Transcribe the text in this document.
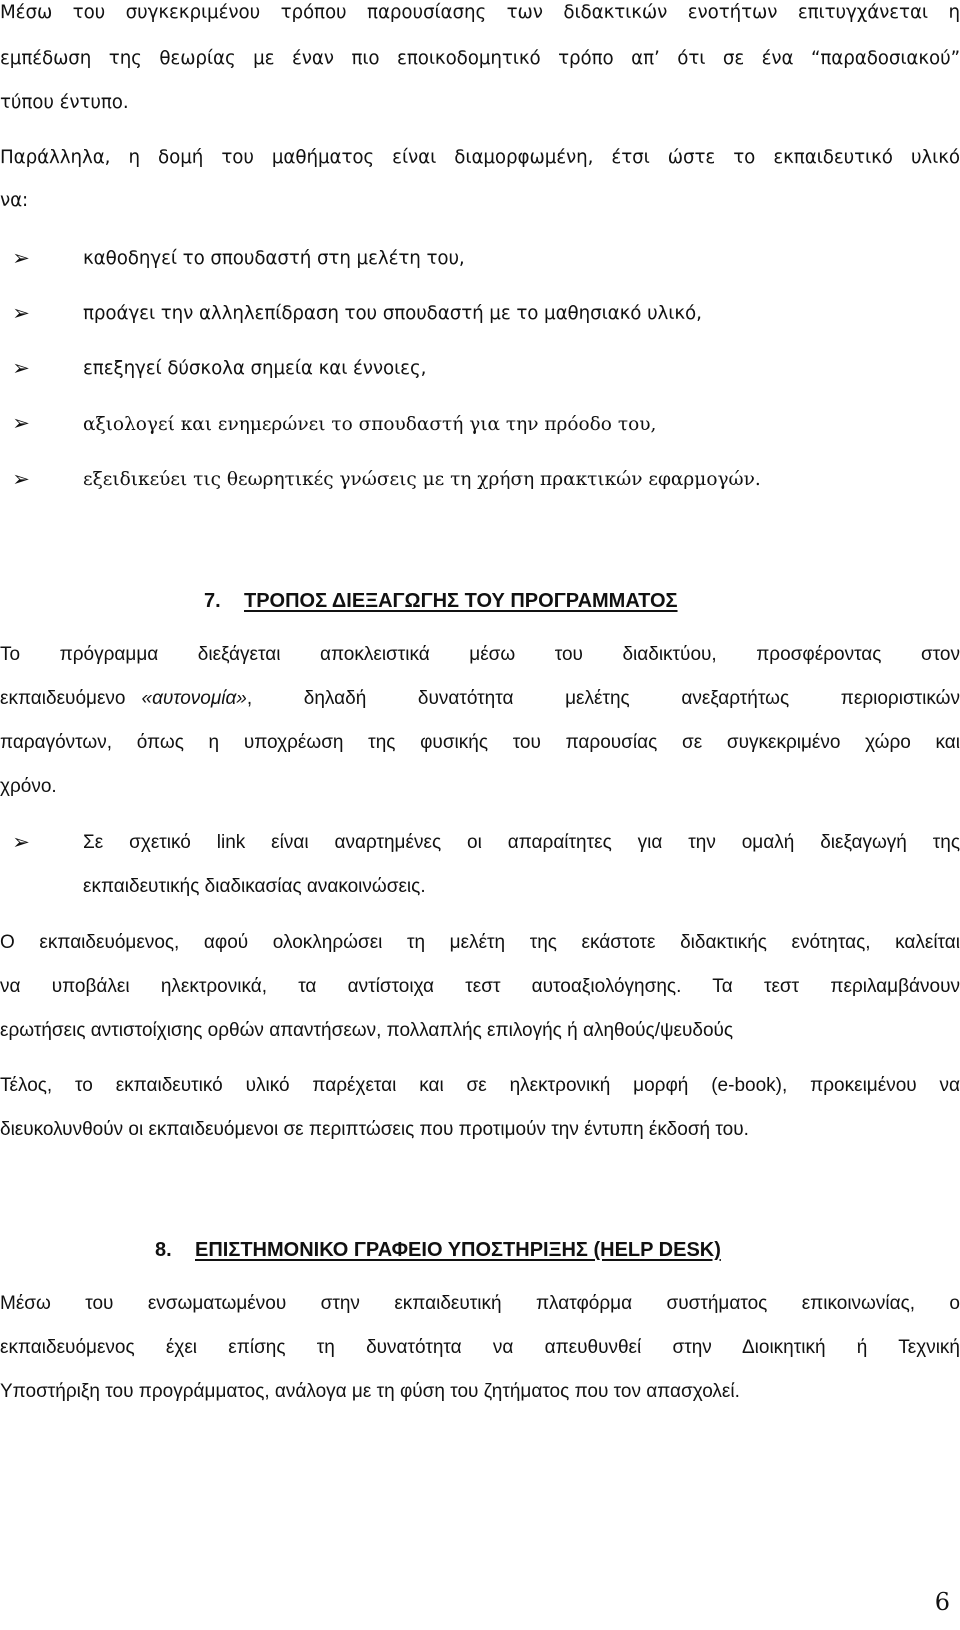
Μέσω του συγκεκριμένου τρόπου παρουσίασης των διδακτικών ενοτήτων επιτυγχάνεται η
εμπέδωση της θεωρίας με έναν πιο εποικοδομητικό τρόπο απ’ ότι σε ένα “παραδοσιακού”
τύπου έντυπο.
Παράλληλα, η δομή του μαθήματος είναι διαμορφωμένη, έτσι ώστε το εκπαιδευτικό υλικό
να:
➢	καθοδηγεί το σπουδαστή στη μελέτη του,
➢	προάγει την αλληλεπίδραση του σπουδαστή με το μαθησιακό υλικό,
➢	επεξηγεί δύσκολα σημεία και έννοιες,
➢	αξιολογεί και ενημερώνει το σπουδαστή για την πρόοδο του,
➢	εξειδικεύει τις θεωρητικές γνώσεις με τη χρήση πρακτικών εφαρμογών.
7. ΤΡΟΠΟΣ ΔΙΕΞΑΓΩΓΗΣ ΤΟΥ ΠΡΟΓΡΑΜΜΑΤΟΣ
Το πρόγραμμα διεξάγεται αποκλειστικά μέσω του διαδικτύου, προσφέροντας στον
εκπαιδευόμενο «αυτονομία» , δηλαδή δυνατότητα μελέτης ανεξαρτήτως περιοριστικών
παραγόντων, όπως η υποχρέωση της φυσικής του παρουσίας σε συγκεκριμένο χώρο και
χρόνο.
➢	Σε σχετικό link είναι αναρτημένες οι απαραίτητες για την ομαλή διεξαγωγή της
εκπαιδευτικής διαδικασίας ανακοινώσεις.
Ο εκπαιδευόμενος, αφού ολοκληρώσει τη μελέτη της εκάστοτε διδακτικής ενότητας, καλείται
να υποβάλει ηλεκτρονικά, τα αντίστοιχα τεστ αυτοαξιολόγησης. Τα τεστ περιλαμβάνουν
ερωτήσεις αντιστοίχισης ορθών απαντήσεων, πολλαπλής επιλογής ή αληθούς/ψευδούς
Τέλος, το εκπαιδευτικό υλικό παρέχεται και σε ηλεκτρονική μορφή (e-book), προκειμένου να
διευκολυνθούν οι εκπαιδευόμενοι σε περιπτώσεις που προτιμούν την έντυπη έκδοσή του.
8. ΕΠΙΣΤΗΜΟΝΙΚΟ ΓΡΑΦΕΙΟ ΥΠΟΣΤΗΡΙΞΗΣ (HELP DESK)
Μέσω του ενσωματωμένου στην εκπαιδευτική πλατφόρμα συστήματος επικοινωνίας, ο
εκπαιδευόμενος έχει επίσης τη δυνατότητα να απευθυνθεί στην Διοικητική ή Τεχνική
Υποστήριξη του προγράμματος, ανάλογα με τη φύση του ζητήματος που τον απασχολεί.
6
